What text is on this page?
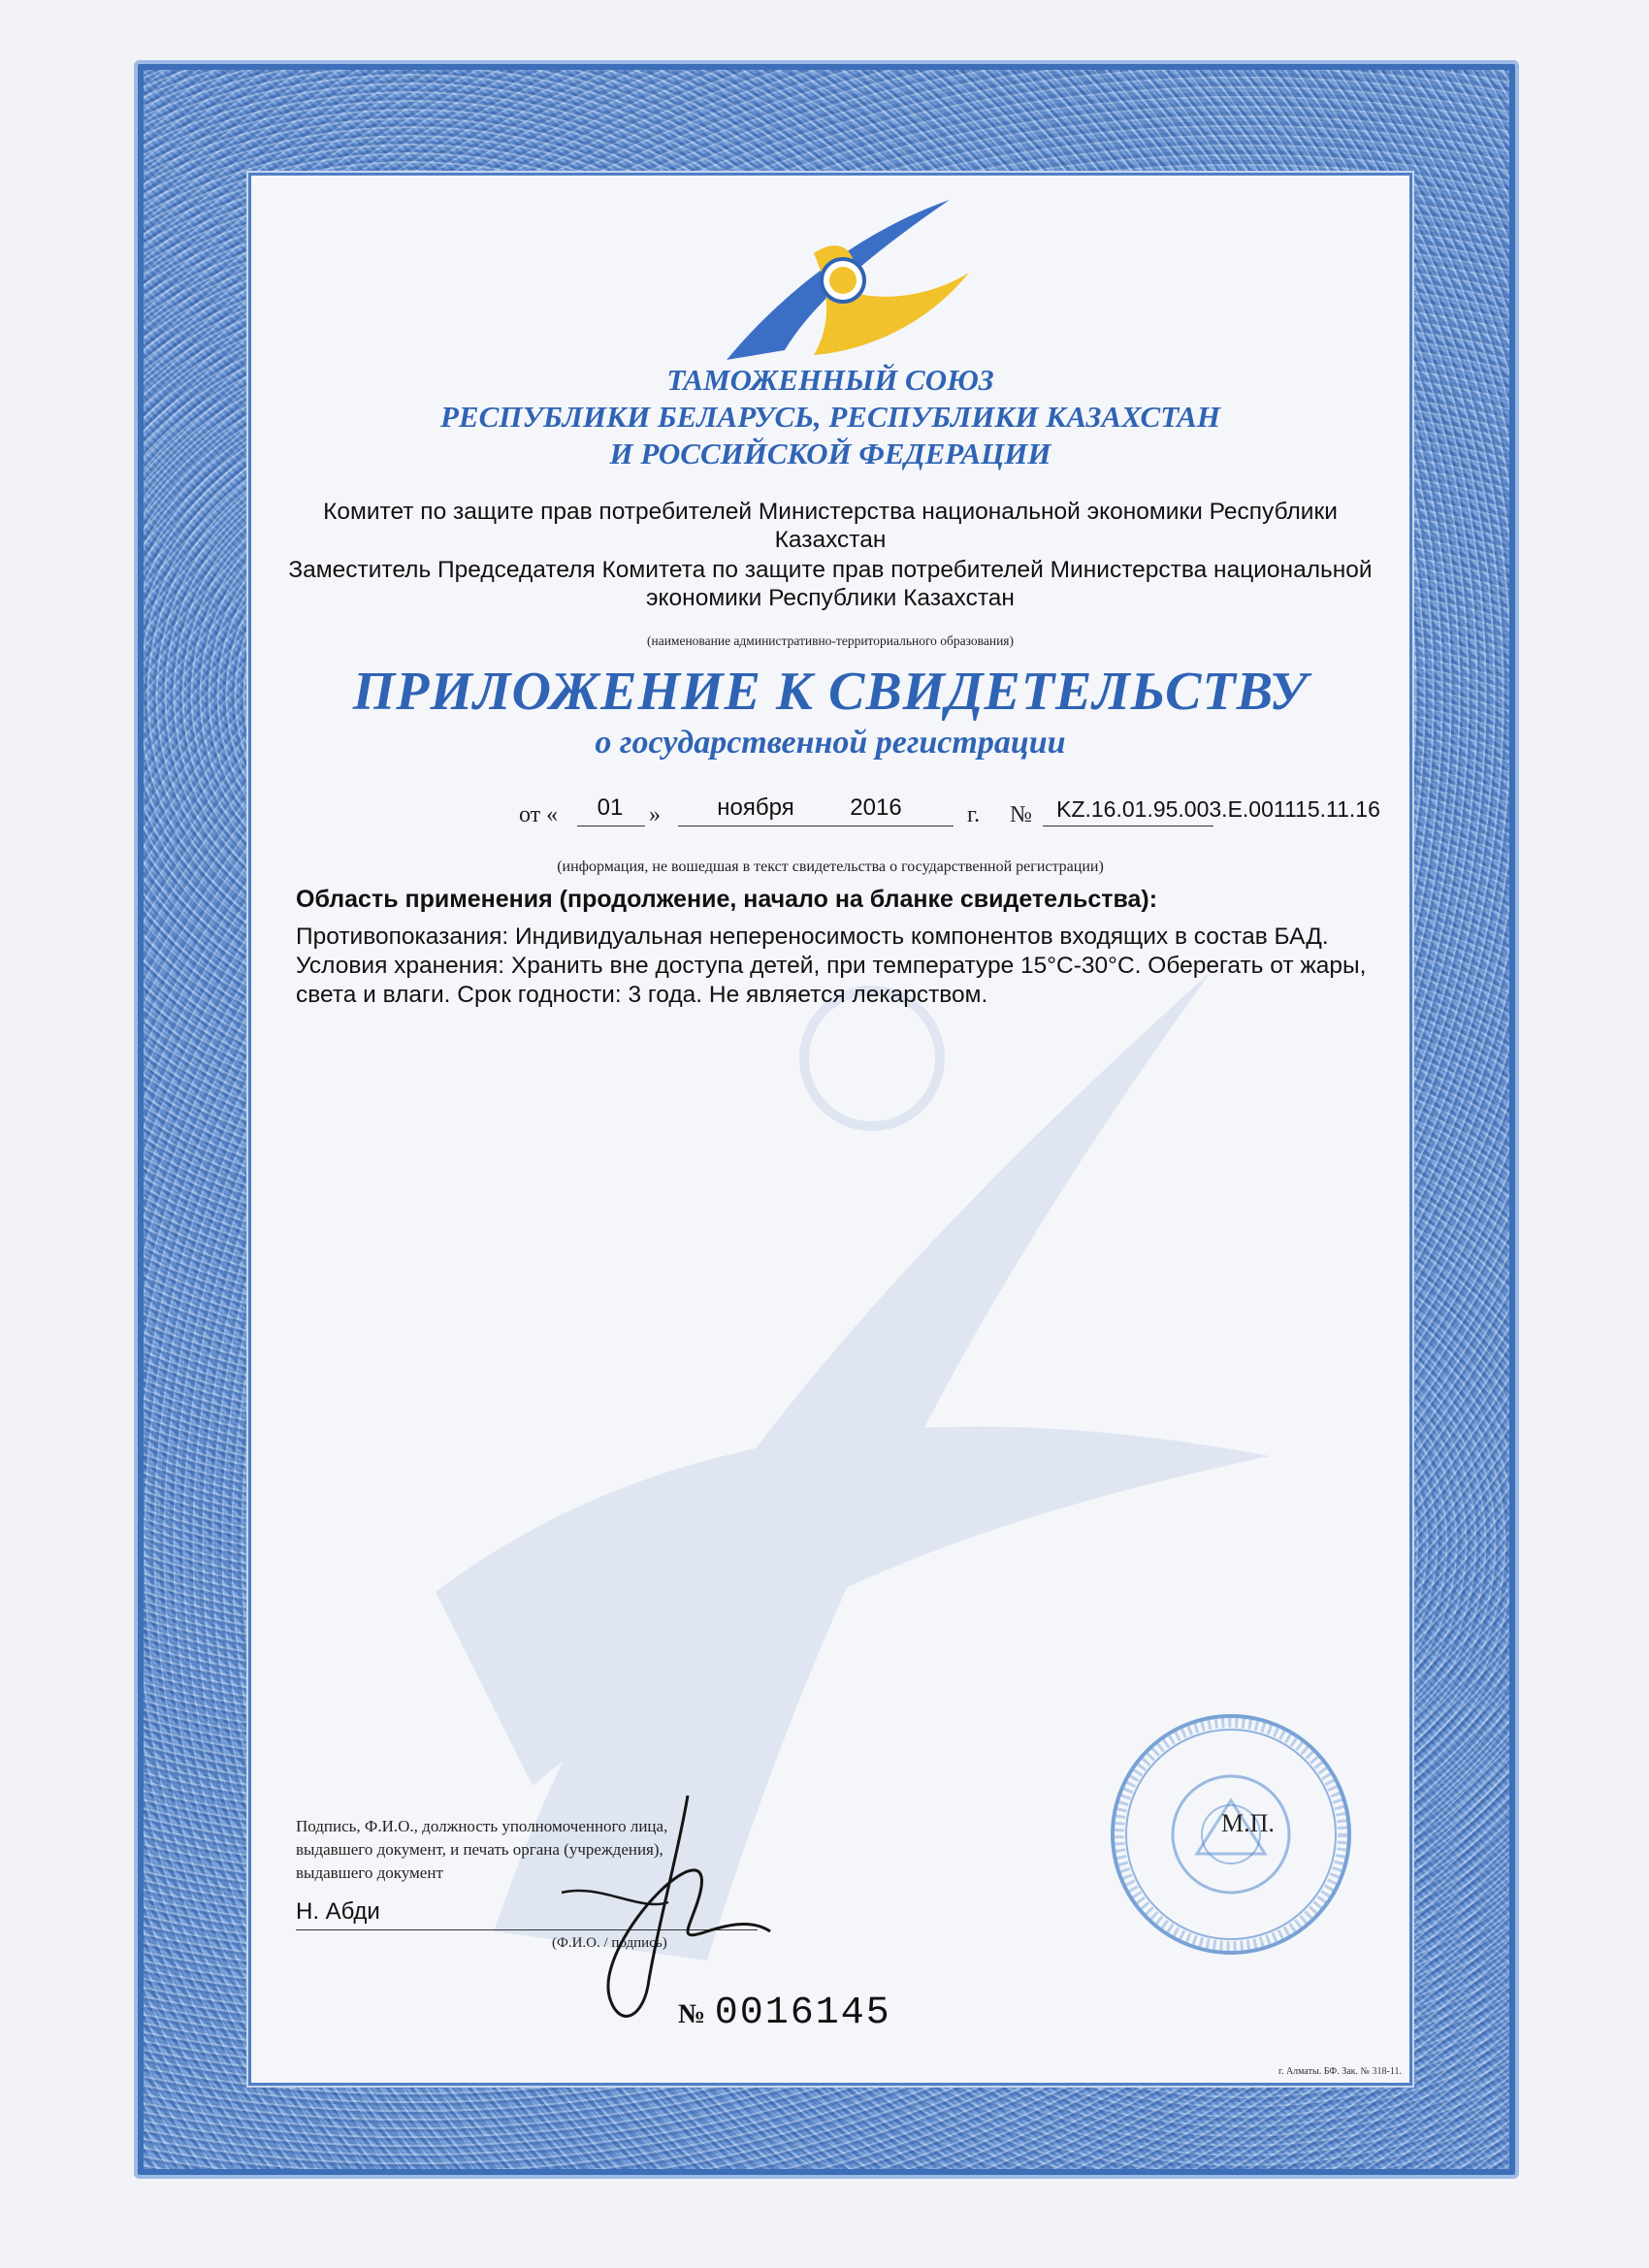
ТАМОЖЕННЫЙ СОЮЗ
РЕСПУБЛИКИ БЕЛАРУСЬ, РЕСПУБЛИКИ КАЗАХСТАН
И РОССИЙСКОЙ ФЕДЕРАЦИИ
Комитет по защите прав потребителей Министерства национальной экономики Республики
Казахстан
Заместитель Председателя Комитета по защите прав потребителей Министерства национальной
экономики Республики Казахстан
(наименование административно-территориального образования)
ПРИЛОЖЕНИЕ К СВИДЕТЕЛЬСТВУ
о государственной регистрации
от «	01	»	ноября	2016	г. №	KZ.16.01.95.003.E.001115.11.16
(информация, не вошедшая в текст свидетельства о государственной регистрации)
Область применения (продолжение, начало на бланке свидетельства):
Противопоказания: Индивидуальная непереносимость компонентов входящих в состав БАД.
Условия хранения: Хранить вне доступа детей, при температуре 15°C-30°C. Оберегать от жары,
света и влаги. Срок годности: 3 года. Не является лекарством.
Подпись, Ф.И.О., должность уполномоченного лица,
выдавшего документ, и печать органа (учреждения),
выдавшего документ
Н. Абди
(Ф.И.О. / подпись)
М.П.
№ 0016145
г. Алматы. БФ. Зак. № 318-11.
